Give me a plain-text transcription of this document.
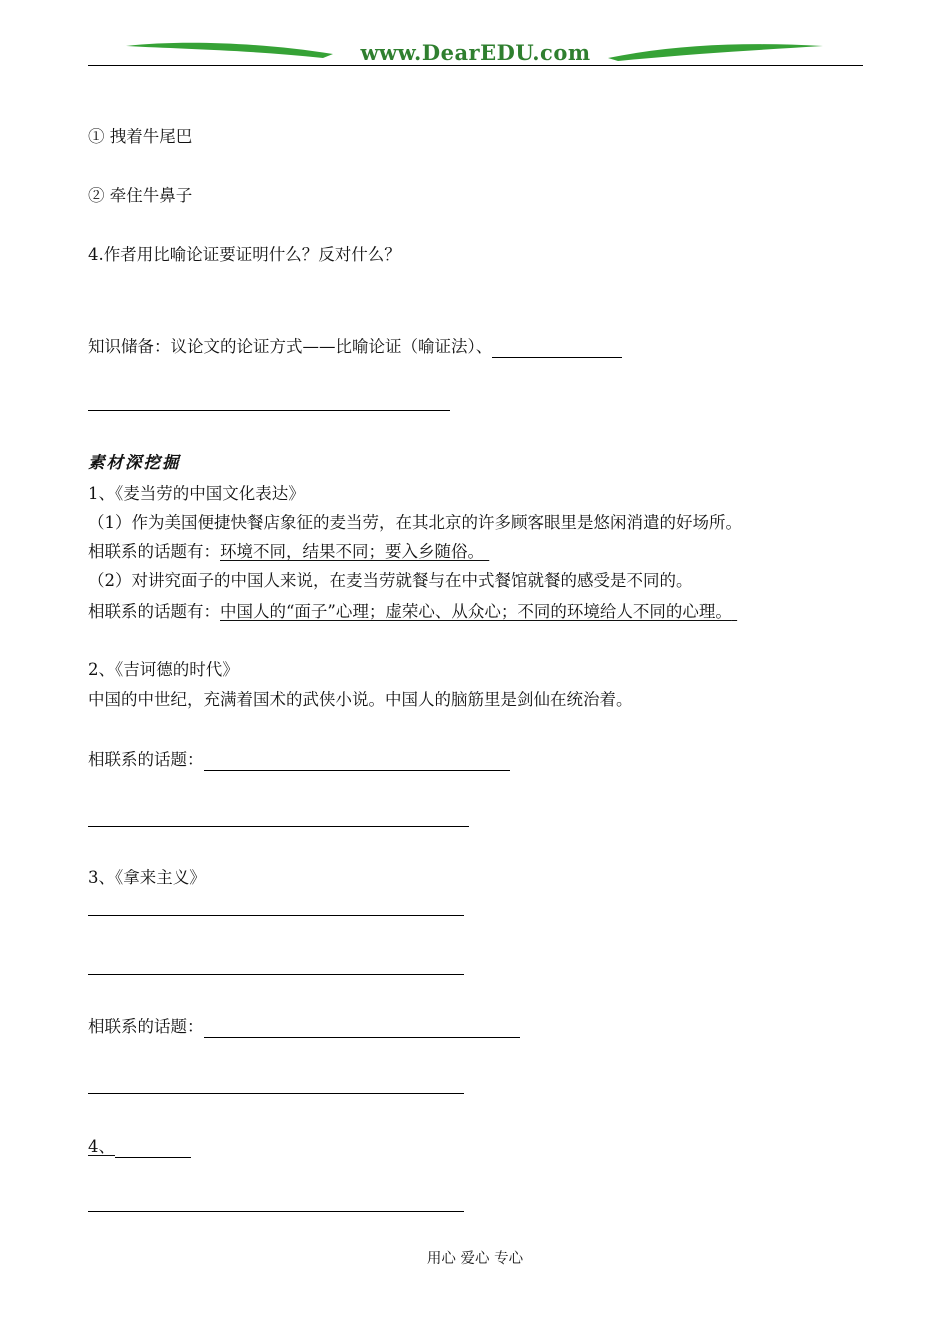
www.DearEDU.com
① 拽着牛尾巴
② 牵住牛鼻子
4.作者用比喻论证要证明什么？反对什么？
知识储备：议论文的论证方式——比喻论证（喻证法）、
素材深挖掘
1、《麦当劳的中国文化表达》
（1）作为美国便捷快餐店象征的麦当劳，在其北京的许多顾客眼里是悠闲消遣的好场所。
相联系的话题有：环境不同，结果不同；要入乡随俗。
（2）对讲究面子的中国人来说，在麦当劳就餐与在中式餐馆就餐的感受是不同的。
相联系的话题有：中国人的“面子”心理；虚荣心、从众心；不同的环境给人不同的心理。
2、《吉诃德的时代》
中国的中世纪，充满着国术的武侠小说。中国人的脑筋里是剑仙在统治着。
相联系的话题：
3、《拿来主义》
相联系的话题：
4、
用心 爱心 专心
